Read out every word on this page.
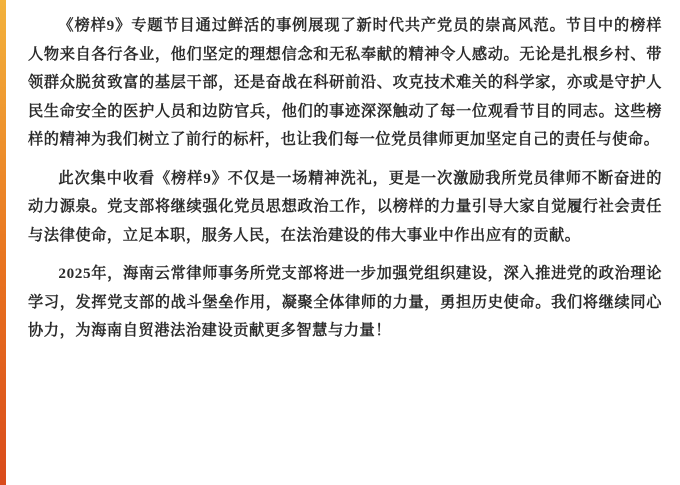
《榜样9》专题节目通过鲜活的事例展现了新时代共产党员的崇高风范。节目中的榜样人物来自各行各业，他们坚定的理想信念和无私奉献的精神令人感动。无论是扎根乡村、带领群众脱贫致富的基层干部，还是奋战在科研前沿、攻克技术难关的科学家，亦或是守护人民生命安全的医护人员和边防官兵，他们的事迹深深触动了每一位观看节目的同志。这些榜样的精神为我们树立了前行的标杆，也让我们每一位党员律师更加坚定自己的责任与使命。

此次集中收看《榜样9》不仅是一场精神洗礼，更是一次激励我所党员律师不断奋进的动力源泉。党支部将继续强化党员思想政治工作，以榜样的力量引导大家自觉履行社会责任与法律使命，立足本职，服务人民，在法治建设的伟大事业中作出应有的贡献。

2025年，海南云常律师事务所党支部将进一步加强党组织建设，深入推进党的政治理论学习，发挥党支部的战斗堡垒作用，凝聚全体律师的力量，勇担历史使命。我们将继续同心协力，为海南自贸港法治建设贡献更多智慧与力量！
